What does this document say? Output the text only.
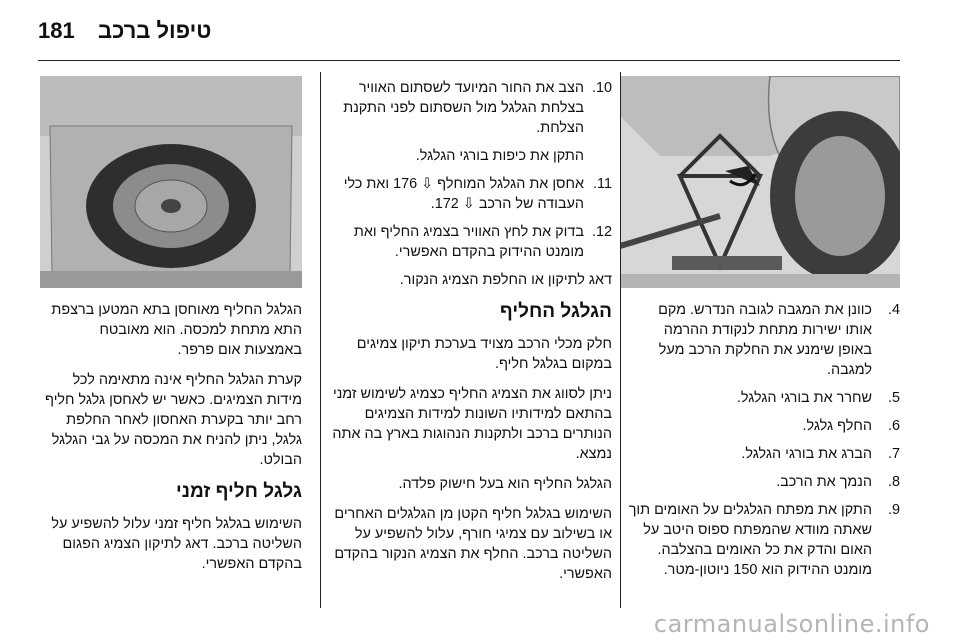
181 טיפול ברכב
4.
כוונן את המגבה לגובה הנדרש. מקם אותו ישירות מתחת לנקודת ההרמה באופן שימנע את החלקת הרכב מעל למגבה.
5.
שחרר את בורגי הגלגל.
6.
החלף גלגל.
7.
הברג את בורגי הגלגל.
8.
הנמך את הרכב.
9.
התקן את מפתח הגלגלים על האומים תוך שאתה מוודא שהמפתח ספוס היטב על האום והדק את כל האומים בהצלבה. מומנט ההידוק הוא 150 ניוטון-מטר.
10.
הצב את החור המיועד לשסתום האוויר בצלחת הגלגל מול השסתום לפני התקנת הצלחת.
התקן את כיפות בורגי הגלגל.
11.
אחסן את הגלגל המוחלף ⇩ 176 ואת כלי העבודה של הרכב ⇩ 172.
12.
בדוק את לחץ האוויר בצמיג החליף ואת מומנט ההידוק בהקדם האפשרי.

דאג לתיקון או החלפת הצמיג הנקור.

הגלגל החליף

חלק מכלי הרכב מצויד בערכת תיקון צמיגים במקום בגלגל חליף.

ניתן לסווג את הצמיג החליף כצמיג לשימוש זמני בהתאם למידותיו השונות למידות הצמיגים הנותרים ברכב ולתקנות הנהוגות בארץ בה אתה נמצא.

הגלגל החליף הוא בעל חישוק פלדה.

השימוש בגלגל חליף הקטן מן הגלגלים האחרים או בשילוב עם צמיגי חורף, עלול להשפיע על השליטה ברכב. החלף את הצמיג הנקור בהקדם האפשרי.

הגלגל החליף מאוחסן בתא המטען ברצפת התא מתחת למכסה. הוא מאובטח באמצעות אום פרפר.

קערת הגלגל החליף אינה מתאימה לכל מידות הצמיגים. כאשר יש לאחסן גלגל חליף רחב יותר בקערת האחסון לאחר החלפת גלגל, ניתן להניח את המכסה על גבי הגלגל הבולט.

גלגל חליף זמני

השימוש בגלגל חליף זמני עלול להשפיע על השליטה ברכב. דאג לתיקון הצמיג הפגום בהקדם האפשרי.

carmanualsonline.info
